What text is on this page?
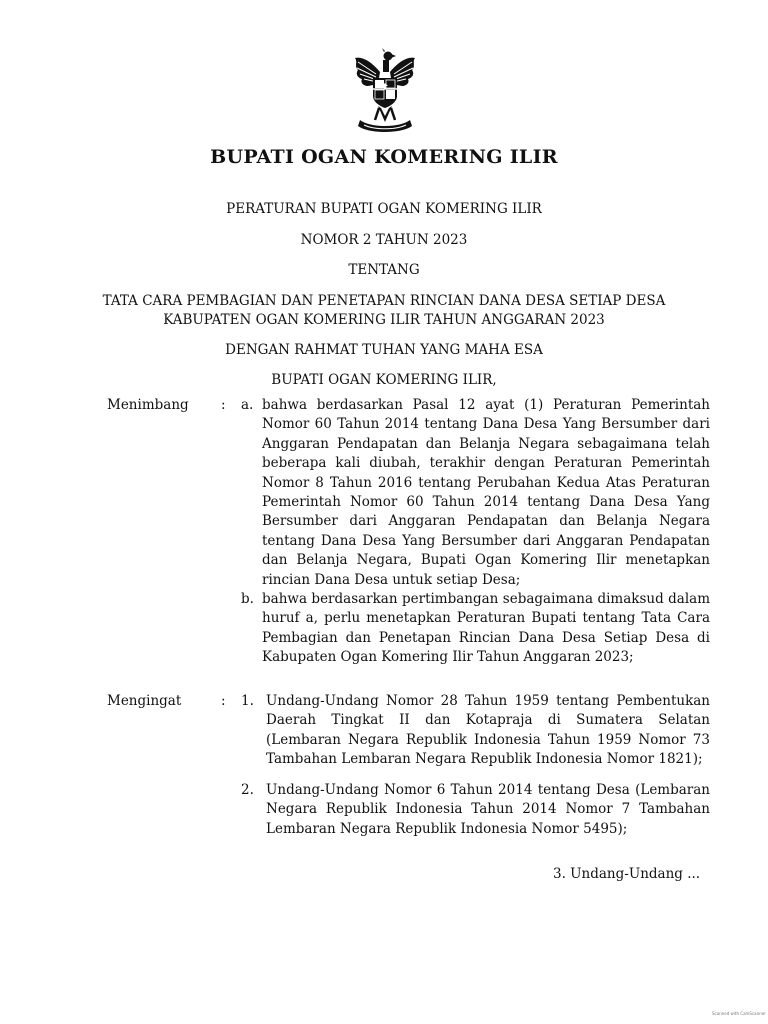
BUPATI OGAN KOMERING ILIR
PERATURAN BUPATI OGAN KOMERING ILIR
NOMOR 2 TAHUN 2023
TENTANG
TATA CARA PEMBAGIAN DAN PENETAPAN RINCIAN DANA DESA SETIAP DESA
KABUPATEN OGAN KOMERING ILIR TAHUN ANGGARAN 2023
DENGAN RAHMAT TUHAN YANG MAHA ESA
BUPATI OGAN KOMERING ILIR,
Menimbang : a. bahwa berdasarkan Pasal 12 ayat (1) Peraturan Pemerintah Nomor 60 Tahun 2014 tentang Dana Desa Yang Bersumber dari Anggaran Pendapatan dan Belanja Negara sebagaimana telah beberapa kali diubah, terakhir dengan Peraturan Pemerintah Nomor 8 Tahun 2016 tentang Perubahan Kedua Atas Peraturan Pemerintah Nomor 60 Tahun 2014 tentang Dana Desa Yang Bersumber dari Anggaran Pendapatan dan Belanja Negara tentang Dana Desa Yang Bersumber dari Anggaran Pendapatan dan Belanja Negara, Bupati Ogan Komering Ilir menetapkan rincian Dana Desa untuk setiap Desa;
b. bahwa berdasarkan pertimbangan sebagaimana dimaksud dalam huruf a, perlu menetapkan Peraturan Bupati tentang Tata Cara Pembagian dan Penetapan Rincian Dana Desa Setiap Desa di Kabupaten Ogan Komering Ilir Tahun Anggaran 2023;
Mengingat	: 1. Undang-Undang Nomor 28 Tahun 1959 tentang Pembentukan Daerah Tingkat II dan Kotapraja di Sumatera Selatan (Lembaran Negara Republik Indonesia Tahun 1959 Nomor 73 Tambahan Lembaran Negara Republik Indonesia Nomor 1821);
2. Undang-Undang Nomor 6 Tahun 2014 tentang Desa (Lembaran Negara Republik Indonesia Tahun 2014 Nomor 7 Tambahan Lembaran Negara Republik Indonesia Nomor 5495);
3. Undang-Undang ...
Scanned with CamScanner
